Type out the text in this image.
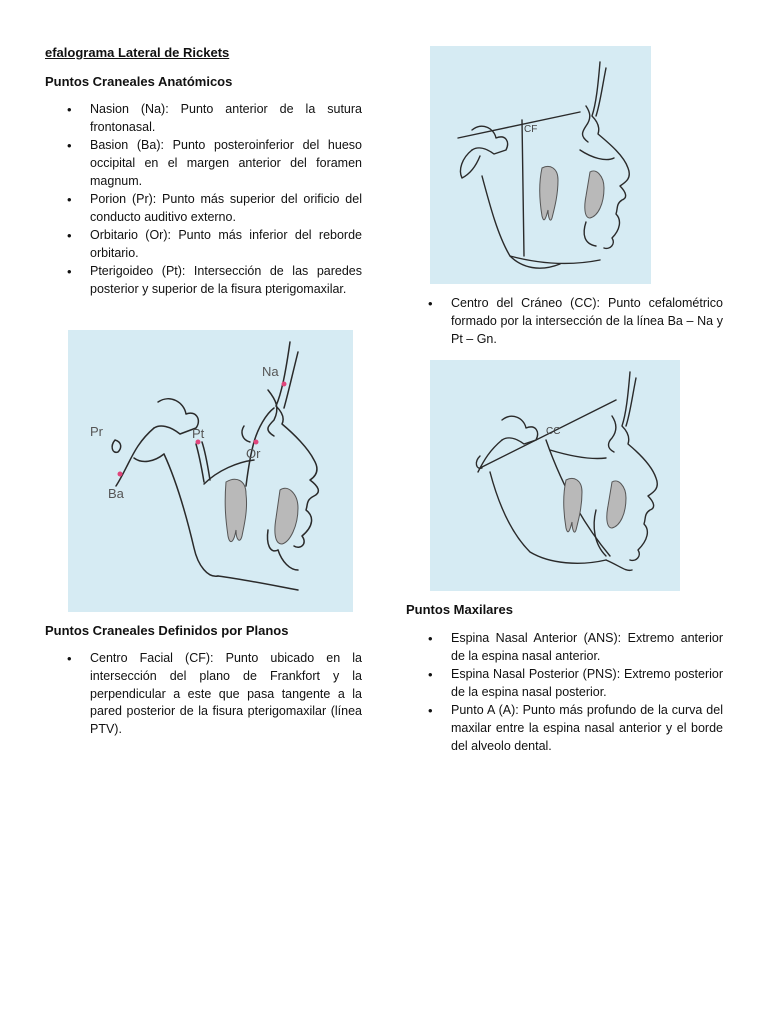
efalograma Lateral de Rickets
Puntos Craneales Anatómicos
• Nasion (Na): Punto anterior de la sutura frontonasal.
• Basion (Ba): Punto posteroinferior del hueso occipital en el margen anterior del foramen magnum.
• Porion (Pr): Punto más superior del orificio del conducto auditivo externo.
• Orbitario (Or): Punto más inferior del reborde orbitario.
• Pterigoideo (Pt): Intersección de las paredes posterior y superior de la fisura pterigomaxilar.
Na
Pr	Pt
Or
Ba
Puntos Craneales Definidos por Planos
• Centro Facial (CF): Punto ubicado en la intersección del plano de Frankfort y la perpendicular a este que pasa tangente a la pared posterior de la fisura pterigomaxilar (línea PTV).
CF
• Centro del Cráneo (CC): Punto cefalométrico formado por la intersección de la línea Ba – Na y Pt – Gn.
CC
Puntos Maxilares
• Espina Nasal Anterior (ANS): Extremo anterior de la espina nasal anterior.
• Espina Nasal Posterior (PNS): Extremo posterior de la espina nasal posterior.
• Punto A (A): Punto más profundo de la curva del maxilar entre la espina nasal anterior y el borde del alveolo dental.
